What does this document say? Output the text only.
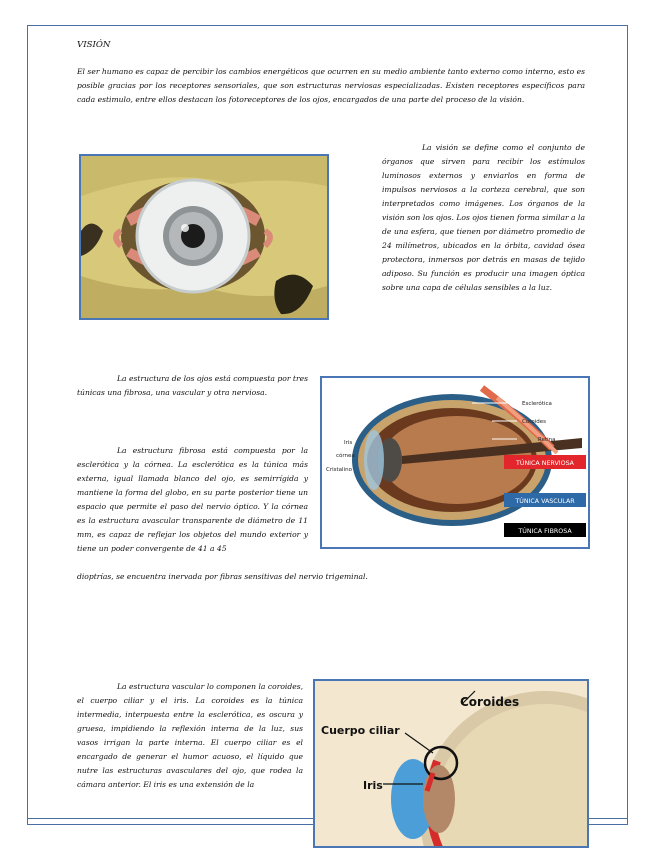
VISIÓN

El ser humano es capaz de percibir los cambios energéticos que ocurren en su medio ambiente tanto externo como interno, esto es posible gracias por los receptores sensoriales, que son estructuras nerviosas especializadas. Existen receptores específicos para cada estimulo, entre ellos destacan los fotoreceptores de los ojos, encargados de una parte del proceso de la visión.

La visión se define como el conjunto de órganos que sirven para recibir los estímulos luminosos externos y enviarlos en forma de impulsos nerviosos a la corteza cerebral, que son interpretados como imágenes. Los órganos de la visión son los ojos. Los ojos tienen forma similar a la de una esfera, que tienen por diámetro promedio de 24 milímetros, ubicados en la órbita, cavidad ósea protectora, inmersos por detrás en masas de tejido adiposo. Su función es producir una imagen óptica sobre una capa de células sensibles a la luz.

La estructura de los ojos está compuesta por tres túnicas una fibrosa, una vascular y otra nerviosa.

Esclerótica
Coroides
Retina
Iris
córnea
Cristalino
TÚNICA NERVIOSA
TÚNICA VASCULAR
TÚNICA FIBROSA

La estructura fibrosa está compuesta por la esclerótica y la córnea. La esclerótica es la túnica más externa, igual llamada blanco del ojo, es semirrígida y mantiene la forma del globo, en su parte posterior tiene un espacio que permite el paso del nervio óptico. Y la córnea es la estructura avascular transparente de diámetro de 11 mm, es capaz de reflejar los objetos del mundo exterior y tiene un poder convergente de 41 a 45

dioptrías, se encuentra inervada por fibras sensitivas del nervio trigeminal.

La estructura vascular lo componen la coroides, el cuerpo ciliar y el iris. La coroides es la túnica intermedia, interpuesta entre la esclerótica, es oscura y gruesa, impidiendo la reflexión interna de la luz, sus vasos irrigan la parte interna. El cuerpo ciliar es el encargado de generar el humor acuoso, el líquido que nutre las estructuras avasculares del ojo, que rodea la cámara anterior. El iris es una extensión de la

Coroides
Cuerpo ciliar
Iris
